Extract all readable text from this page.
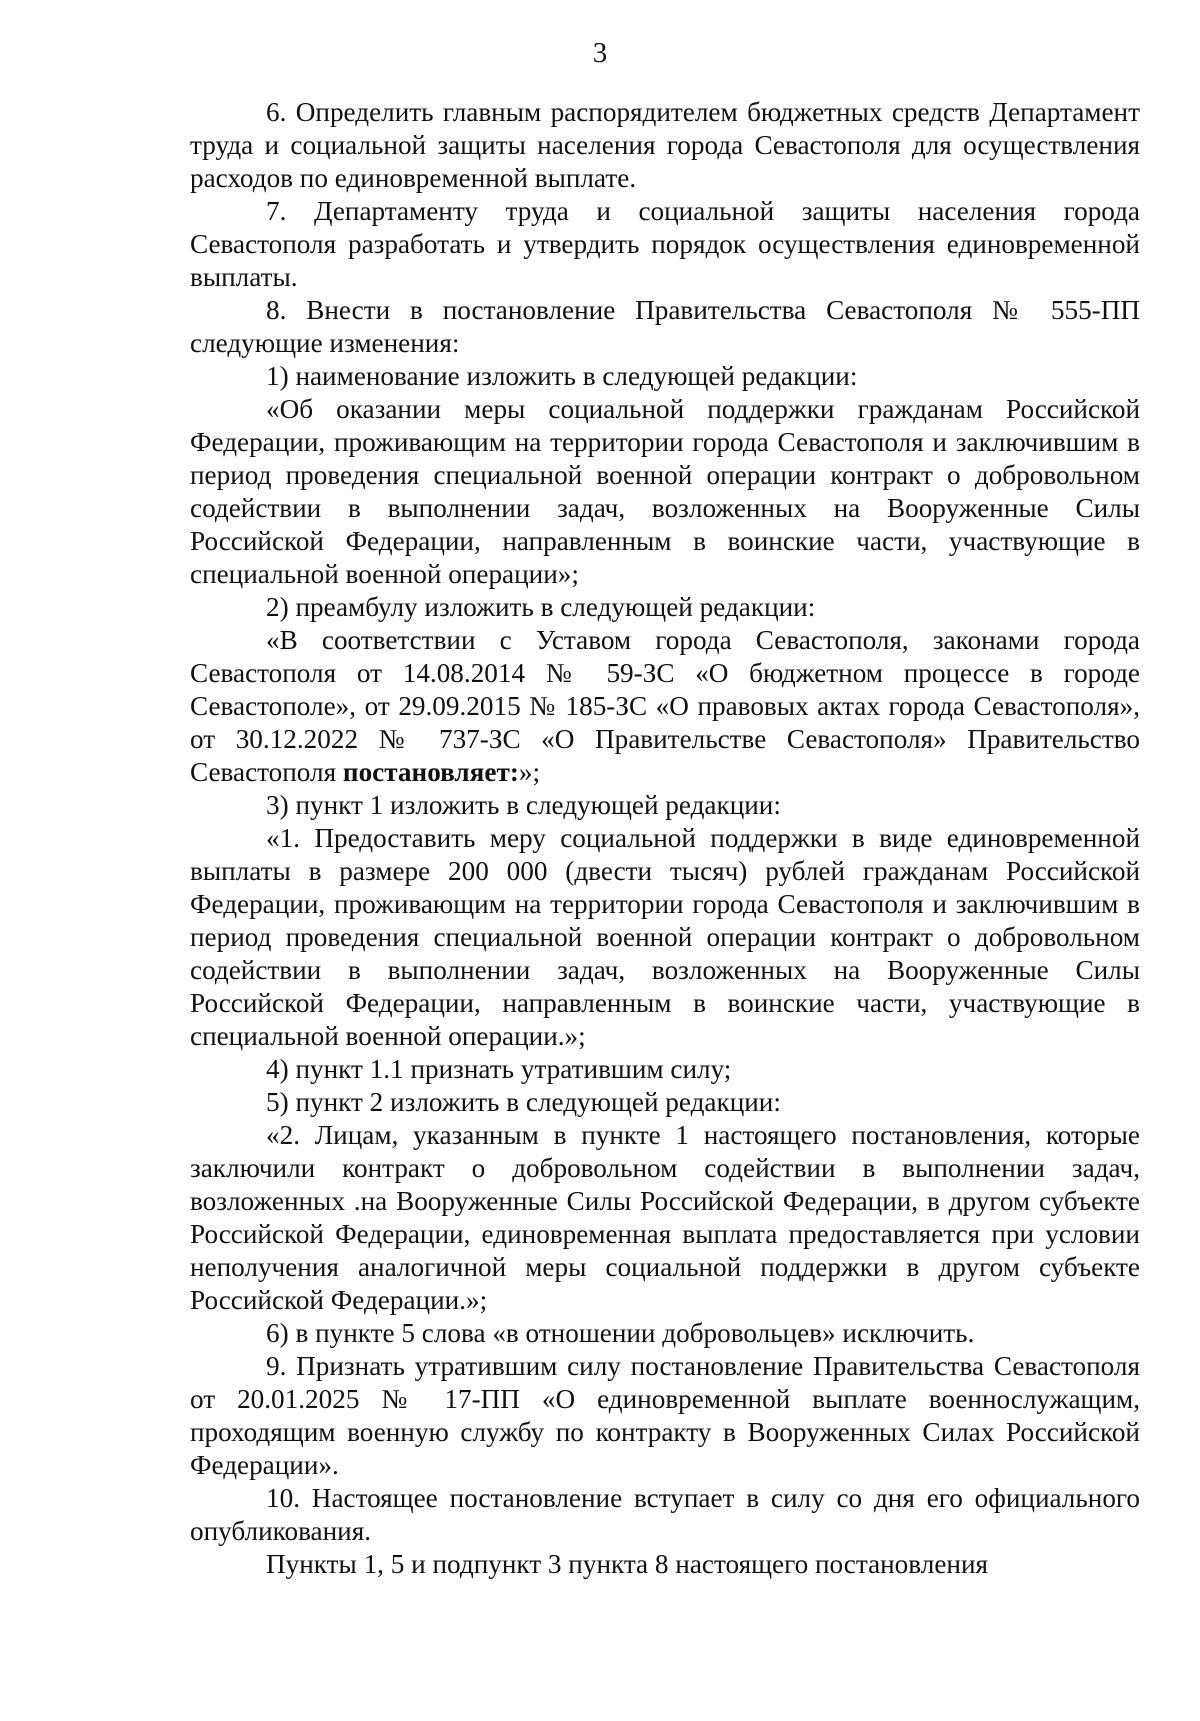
3

6. Определить главным распорядителем бюджетных средств Департамент труда и социальной защиты населения города Севастополя для осуществления расходов по единовременной выплате.

7. Департаменту труда и социальной защиты населения города Севастополя разработать и утвердить порядок осуществления единовременной выплаты.

8. Внести в постановление Правительства Севастополя № 555-ПП следующие изменения:

1) наименование изложить в следующей редакции:

«Об оказании меры социальной поддержки гражданам Российской Федерации, проживающим на территории города Севастополя и заключившим в период проведения специальной военной операции контракт о добровольном содействии в выполнении задач, возложенных на Вооруженные Силы Российской Федерации, направленным в воинские части, участвующие в специальной военной операции»;

2) преамбулу изложить в следующей редакции:

«В соответствии с Уставом города Севастополя, законами города Севастополя от 14.08.2014 № 59-ЗС «О бюджетном процессе в городе Севастополе», от 29.09.2015 № 185-ЗС «О правовых актах города Севастополя», от 30.12.2022 № 737-ЗС «О Правительстве Севастополя» Правительство Севастополя постановляет:»;

3) пункт 1 изложить в следующей редакции:

«1. Предоставить меру социальной поддержки в виде единовременной выплаты в размере 200 000 (двести тысяч) рублей гражданам Российской Федерации, проживающим на территории города Севастополя и заключившим в период проведения специальной военной операции контракт о добровольном содействии в выполнении задач, возложенных на Вооруженные Силы Российской Федерации, направленным в воинские части, участвующие в специальной военной операции.»;

4) пункт 1.1 признать утратившим силу;

5) пункт 2 изложить в следующей редакции:

«2. Лицам, указанным в пункте 1 настоящего постановления, которые заключили контракт о добровольном содействии в выполнении задач, возложенных .на Вооруженные Силы Российской Федерации, в другом субъекте Российской Федерации, единовременная выплата предоставляется при условии неполучения аналогичной меры социальной поддержки в другом субъекте Российской Федерации.»;

6) в пункте 5 слова «в отношении добровольцев» исключить.

9. Признать утратившим силу постановление Правительства Севастополя от 20.01.2025 № 17-ПП «О единовременной выплате военнослужащим, проходящим военную службу по контракту в Вооруженных Силах Российской Федерации».

10. Настоящее постановление вступает в силу со дня его официального опубликования.

Пункты 1, 5 и подпункт 3 пункта 8 настоящего постановления
